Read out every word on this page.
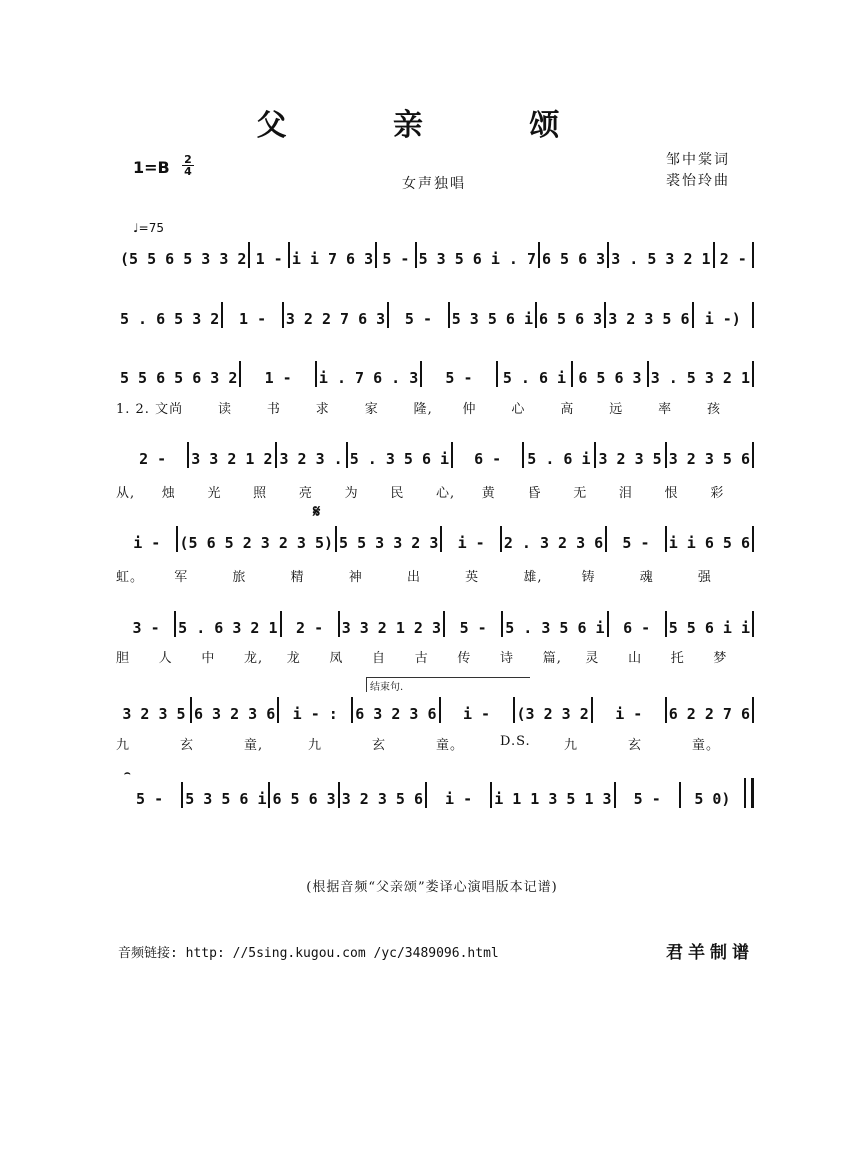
父 亲 颂
1=B 2
4
女声独唱
邹中棠词
裘怡玲曲
♩=75
(5 5 6 5 3 3 2 1 - i i 7 6 3 5 - 5 3 5 6 i . 7 6 5 6 3 3 . 5 3 2 1 2 -
5 . 6 5 3 2	1 -	3 2 2 7 6 3	5 -	5 3 5 6 i 6 5 6 3 3 2 3 5 6	i -)
5 5 6 5 6 3 2	1 -	i . 7 6 . 3	5 -	5 . 6 i 6 5 6 3 3 . 5 3 2 1
2 -	3 3 2 1 2 3 2 3 . 5 . 3 5 6 i	6 -	5 . 6 i 3 2 3 5 3 2 3 5 6
i -	(5 6 5 2 3 2 3 5) 5 5 3 3 2 3	i -	2 . 3 2 3 6	5 -	i i 6 5 6
3 -	5 . 6 3 2 1	2 -	3 3 2 1 2 3	5 -	5 . 3 5 6 i	6 -	5 5 6 i i
3 2 3 5 6 3 2 3 6	i - :	6 3 2 3 6	i -	(3 2 3 2	i -	6 2 2 7 6
5 -	5 3 5 6 i 6 5 6 3 3 2 3 5 6	i -	i 1 1 3 5 1 3	5 -	5 0)
1. 2. 文 尚	读	书	求	家	隆,	仲	心	高	远	率	孩
从,	烛	光	照	亮	为	民	心,	黄	昏	无	泪	恨	彩
虹。	军	旅	精	神	出	英	雄,	铸	魂	强
胆	人	中	龙,	龙	凤	自	古	传	诗	篇,	灵	山	托	梦
九	玄	童,	九	玄	童。	D.S.	九	玄	童。
𝄋
结束句.
⌢
(根据音频“父亲颂”娄译心演唱版本记谱)
音频链接: http: //5sing.kugou.com /yc/3489096.html	君羊制谱
